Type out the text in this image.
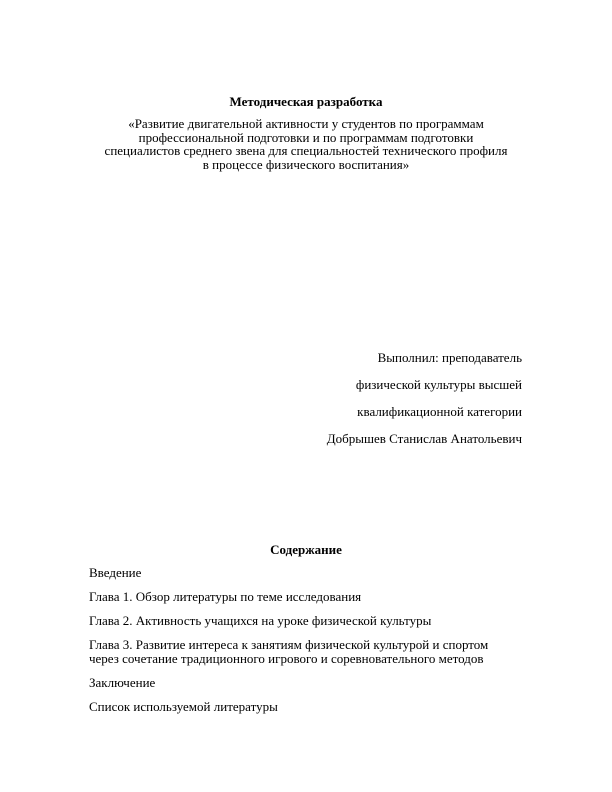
Методическая разработка

«Развитие двигательной активности у студентов по программам
профессиональной подготовки и по программам подготовки
специалистов среднего звена для специальностей технического профиля
в процессе физического воспитания»

Выполнил: преподаватель

физической культуры высшей

квалификационной категории

Добрышев Станислав Анатольевич

Содержание

Введение
Глава 1. Обзор литературы по теме исследования
Глава 2. Активность учащихся на уроке физической культуры
Глава 3. Развитие интереса к занятиям физической культурой и спортом
через сочетание традиционного игрового и соревновательного методов
Заключение
Список используемой литературы
